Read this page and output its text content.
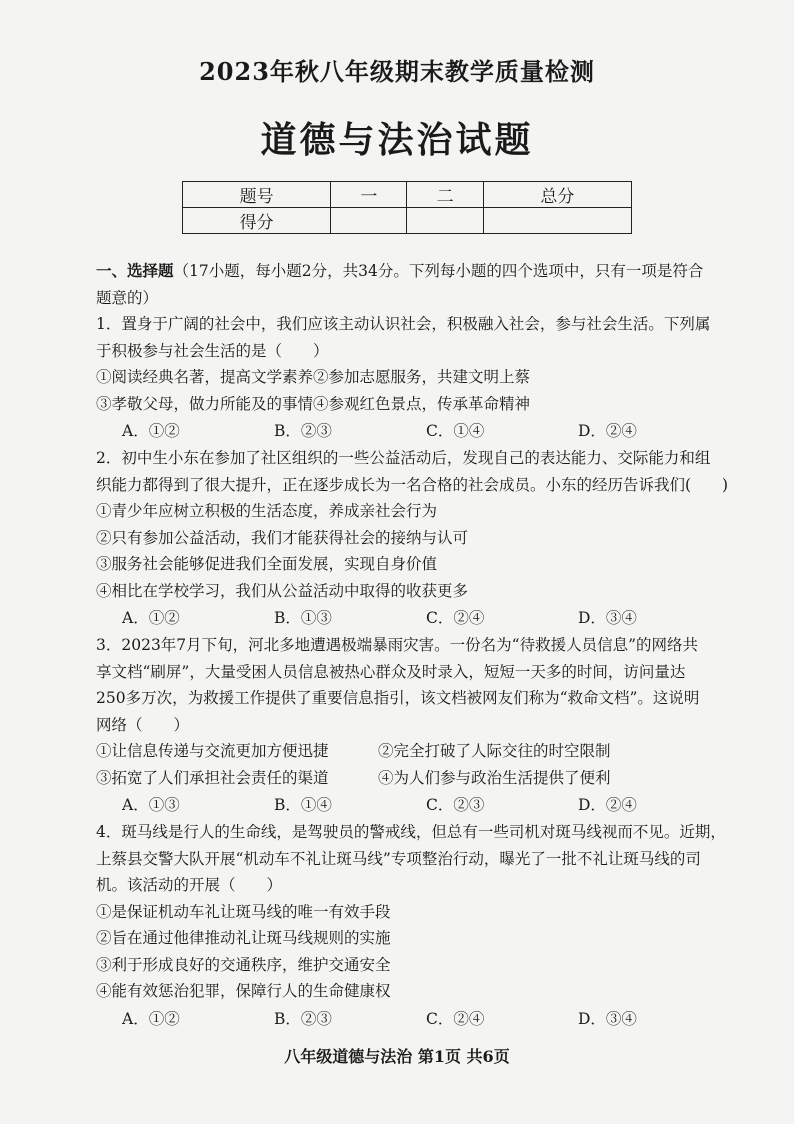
2023年秋八年级期末教学质量检测
道德与法治试题
题号	一	二	总分
得分			
一、选择题（17小题，每小题2分，共34分。下列每小题的四个选项中，只有一项是符合
题意的）
1．置身于广阔的社会中，我们应该主动认识社会，积极融入社会，参与社会生活。下列属
于积极参与社会生活的是（　　）
①阅读经典名著，提高文学素养②参加志愿服务，共建文明上蔡
③孝敬父母，做力所能及的事情④参观红色景点，传承革命精神
A．①②	B．②③	C．①④	D．②④
2．初中生小东在参加了社区组织的一些公益活动后，发现自己的表达能力、交际能力和组
织能力都得到了很大提升，正在逐步成长为一名合格的社会成员。小东的经历告诉我们(　　)
①青少年应树立积极的生活态度，养成亲社会行为
②只有参加公益活动，我们才能获得社会的接纳与认可
③服务社会能够促进我们全面发展，实现自身价值
④相比在学校学习，我们从公益活动中取得的收获更多
A．①②	B．①③	C．②④	D．③④
3．2023年7月下旬，河北多地遭遇极端暴雨灾害。一份名为“待救援人员信息”的网络共
享文档“刷屏”，大量受困人员信息被热心群众及时录入，短短一天多的时间，访问量达
250多万次，为救援工作提供了重要信息指引，该文档被网友们称为“救命文档”。这说明
网络（　　）
①让信息传递与交流更加方便迅捷	②完全打破了人际交往的时空限制
③拓宽了人们承担社会责任的渠道	④为人们参与政治生活提供了便利
A．①③	B．①④	C．②③	D．②④
4．斑马线是行人的生命线，是驾驶员的警戒线，但总有一些司机对斑马线视而不见。近期，
上蔡县交警大队开展“机动车不礼让斑马线”专项整治行动，曝光了一批不礼让斑马线的司
机。该活动的开展（　　）
①是保证机动车礼让斑马线的唯一有效手段
②旨在通过他律推动礼让斑马线规则的实施
③利于形成良好的交通秩序，维护交通安全
④能有效惩治犯罪，保障行人的生命健康权
A．①②	B．②③	C．②④	D．③④
八年级道德与法治 第1页 共6页
